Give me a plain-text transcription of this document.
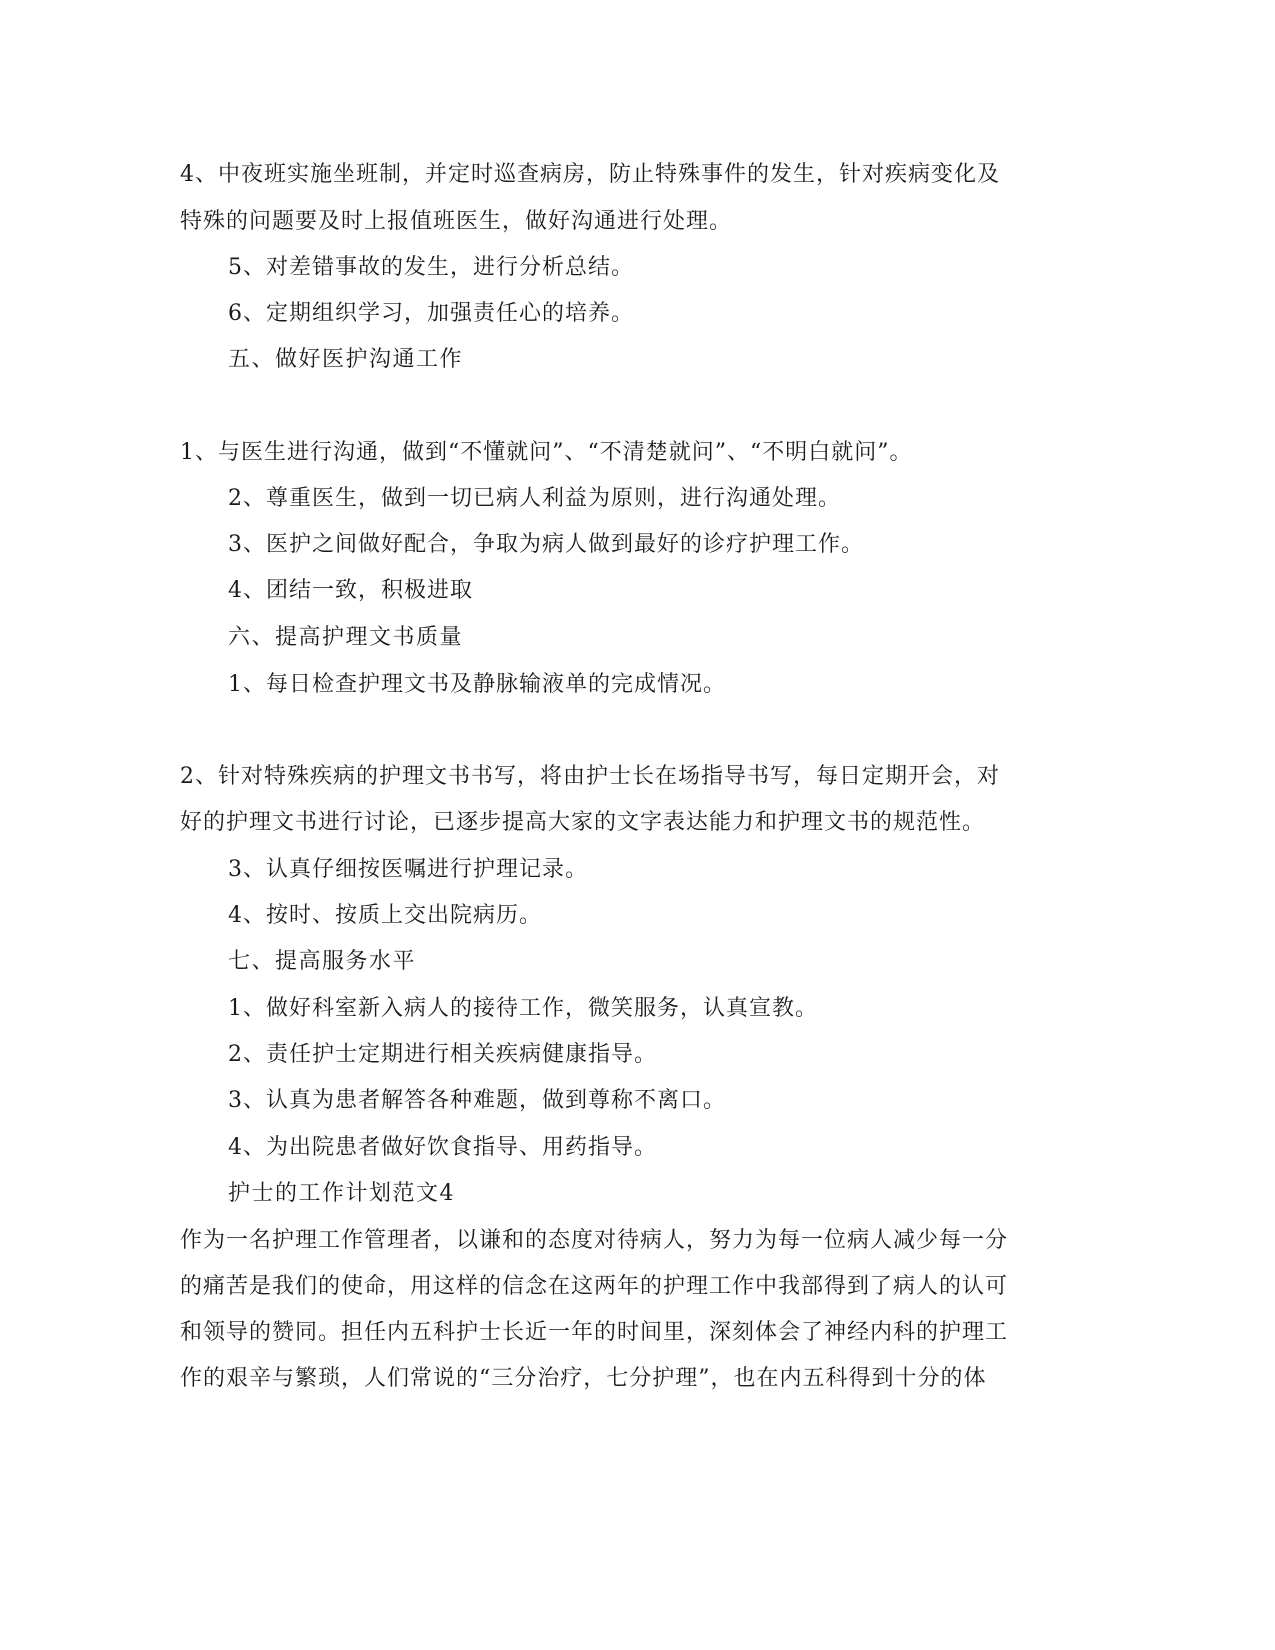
4、中夜班实施坐班制，并定时巡查病房，防止特殊事件的发生，针对疾病变化及
特殊的问题要及时上报值班医生，做好沟通进行处理。
5、对差错事故的发生，进行分析总结。
6、定期组织学习，加强责任心的培养。
五、做好医护沟通工作
1、与医生进行沟通，做到“不懂就问”、“不清楚就问”、“不明白就问”。
2、尊重医生，做到一切已病人利益为原则，进行沟通处理。
3、医护之间做好配合，争取为病人做到最好的诊疗护理工作。
4、团结一致，积极进取
六、提高护理文书质量
1、每日检查护理文书及静脉输液单的完成情况。
2、针对特殊疾病的护理文书书写，将由护士长在场指导书写，每日定期开会，对
好的护理文书进行讨论，已逐步提高大家的文字表达能力和护理文书的规范性。
3、认真仔细按医嘱进行护理记录。
4、按时、按质上交出院病历。
七、提高服务水平
1、做好科室新入病人的接待工作，微笑服务，认真宣教。
2、责任护士定期进行相关疾病健康指导。
3、认真为患者解答各种难题，做到尊称不离口。
4、为出院患者做好饮食指导、用药指导。
护士的工作计划范文4
作为一名护理工作管理者，以谦和的态度对待病人，努力为每一位病人减少每一分
的痛苦是我们的使命，用这样的信念在这两年的护理工作中我部得到了病人的认可
和领导的赞同。担任内五科护士长近一年的时间里，深刻体会了神经内科的护理工
作的艰辛与繁琐，人们常说的“三分治疗，七分护理”，也在内五科得到十分的体
